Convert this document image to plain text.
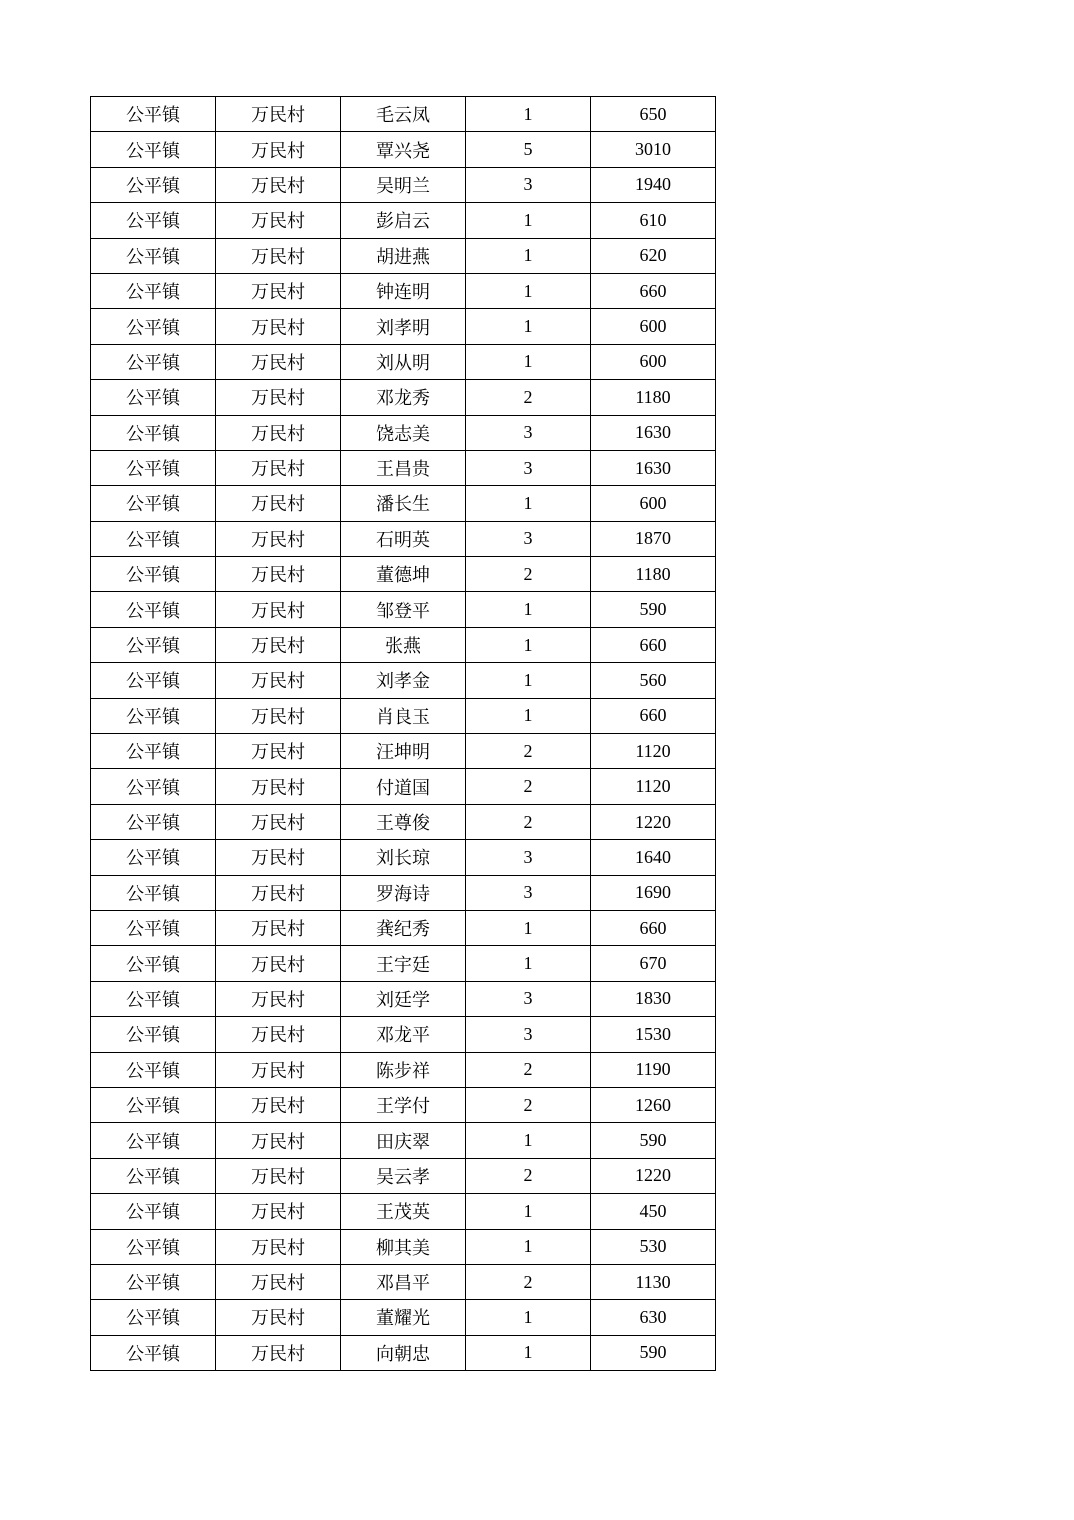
公平镇	万民村	毛云凤	1	650
公平镇	万民村	覃兴尧	5	3010
公平镇	万民村	吴明兰	3	1940
公平镇	万民村	彭启云	1	610
公平镇	万民村	胡进燕	1	620
公平镇	万民村	钟连明	1	660
公平镇	万民村	刘孝明	1	600
公平镇	万民村	刘从明	1	600
公平镇	万民村	邓龙秀	2	1180
公平镇	万民村	饶志美	3	1630
公平镇	万民村	王昌贵	3	1630
公平镇	万民村	潘长生	1	600
公平镇	万民村	石明英	3	1870
公平镇	万民村	董德坤	2	1180
公平镇	万民村	邹登平	1	590
公平镇	万民村	张燕	1	660
公平镇	万民村	刘孝金	1	560
公平镇	万民村	肖良玉	1	660
公平镇	万民村	汪坤明	2	1120
公平镇	万民村	付道国	2	1120
公平镇	万民村	王尊俊	2	1220
公平镇	万民村	刘长琼	3	1640
公平镇	万民村	罗海诗	3	1690
公平镇	万民村	龚纪秀	1	660
公平镇	万民村	王宇廷	1	670
公平镇	万民村	刘廷学	3	1830
公平镇	万民村	邓龙平	3	1530
公平镇	万民村	陈步祥	2	1190
公平镇	万民村	王学付	2	1260
公平镇	万民村	田庆翠	1	590
公平镇	万民村	吴云孝	2	1220
公平镇	万民村	王茂英	1	450
公平镇	万民村	柳其美	1	530
公平镇	万民村	邓昌平	2	1130
公平镇	万民村	董耀光	1	630
公平镇	万民村	向朝忠	1	590
